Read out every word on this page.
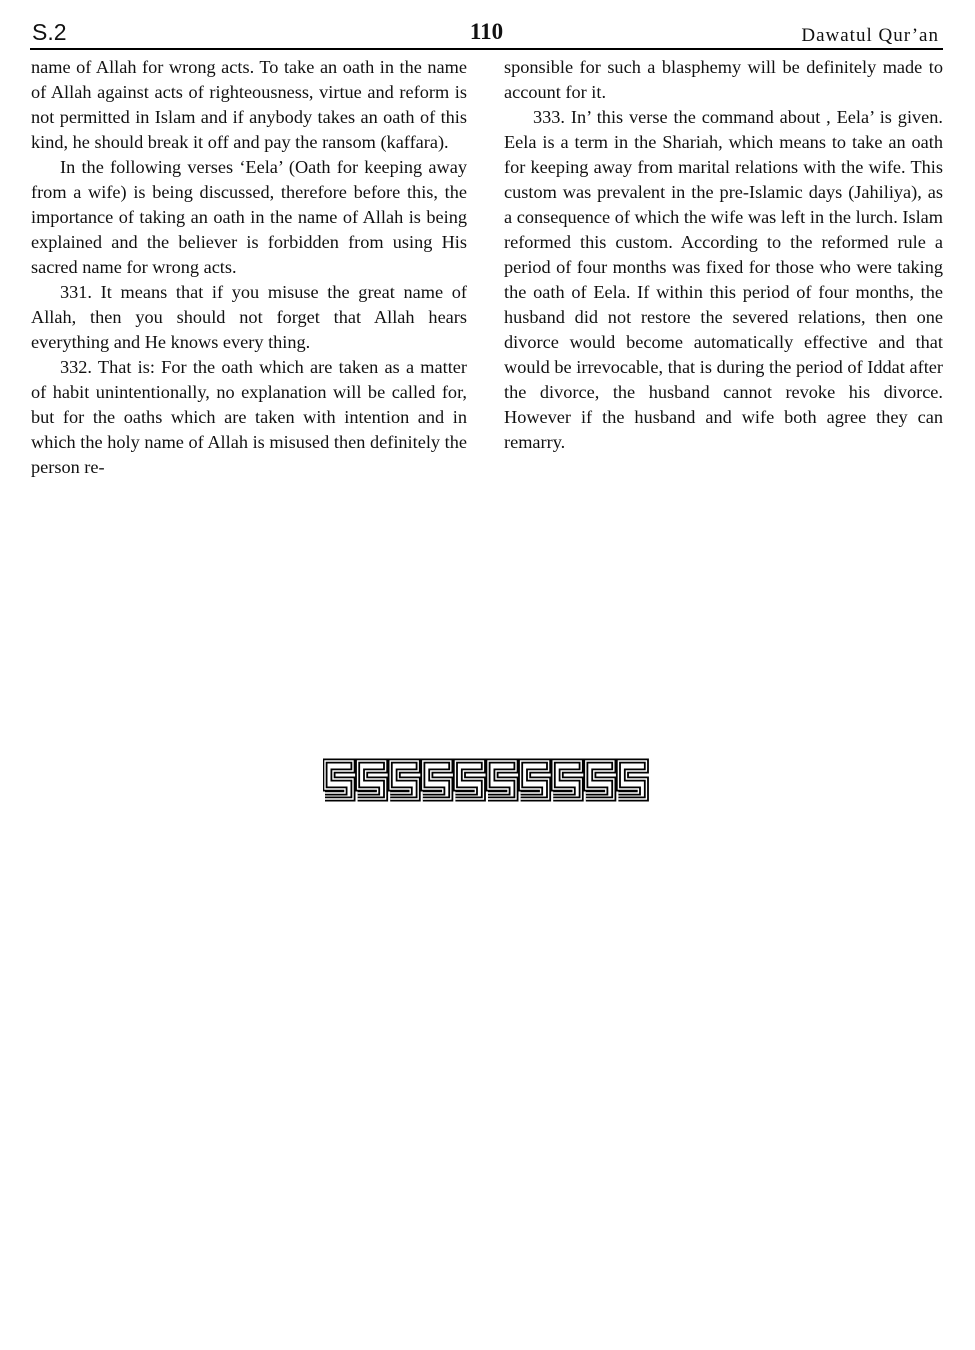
S.2	110	Dawatul Qur’an

name of Allah for wrong acts. To take an oath in the name of Allah against acts of righteousness, virtue and reform is not permitted in Islam and if anybody takes an oath of this kind, he should break it off and pay the ransom (kaffara).

In the following verses ‘Eela’ (Oath for keeping away from a wife) is being discussed, therefore before this, the importance of taking an oath in the name of Allah is being explained and the believer is forbidden from using His sacred name for wrong acts.

331. It means that if you misuse the great name of Allah, then you should not forget that Allah hears everything and He knows every thing.

332. That is: For the oath which are taken as a matter of habit unintentionally, no explanation will be called for, but for the oaths which are taken with intention and in which the holy name of Allah is misused then definitely the person re-

sponsible for such a blasphemy will be definitely made to account for it.

333. In’ this verse the command about , Eela’ is given. Eela is a term in the Shariah, which means to take an oath for keeping away from marital relations with the wife. This custom was prevalent in the pre-Islamic days (Jahiliya), as a consequence of which the wife was left in the lurch. Islam reformed this custom. According to the reformed rule a period of four months was fixed for those who were taking the oath of Eela. If within this period of four months, the husband did not restore the severed relations, then one divorce would become automatically effective and that would be irrevocable, that is during the period of Iddat after the divorce, the husband cannot revoke his divorce. However if the husband and wife both agree they can remarry.
